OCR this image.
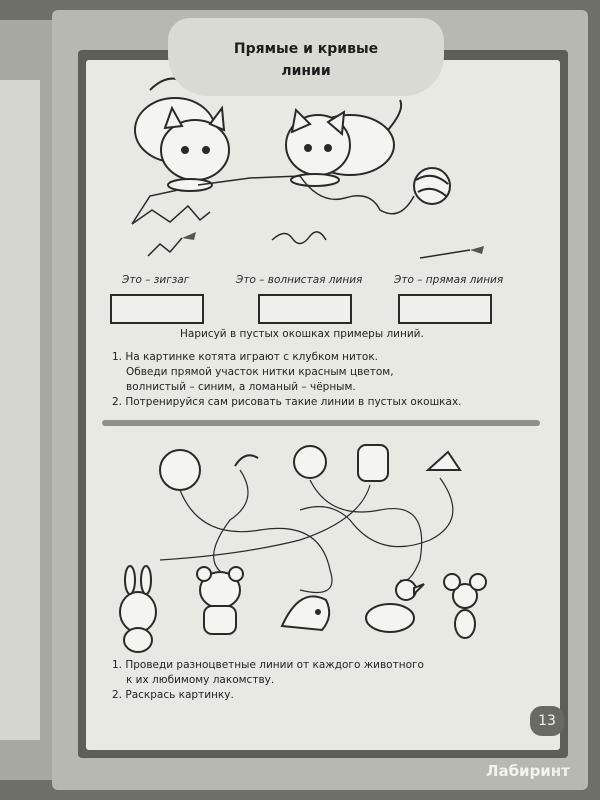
Прямые и кривые
линии
Это – зигзаг	Это – волнистая линия	Это – прямая линия
Нарисуй в пустых окошках примеры линий.
1. На картинке котята играют с клубком ниток.
Обведи прямой участок нитки красным цветом,
волнистый – синим, а ломаный – чёрным.
2. Потренируйся сам рисовать такие линии в пустых окошках.
1. Проведи разноцветные линии от каждого животного
к их любимому лакомству.
2. Раскрась картинку.
13
Лабиринт
